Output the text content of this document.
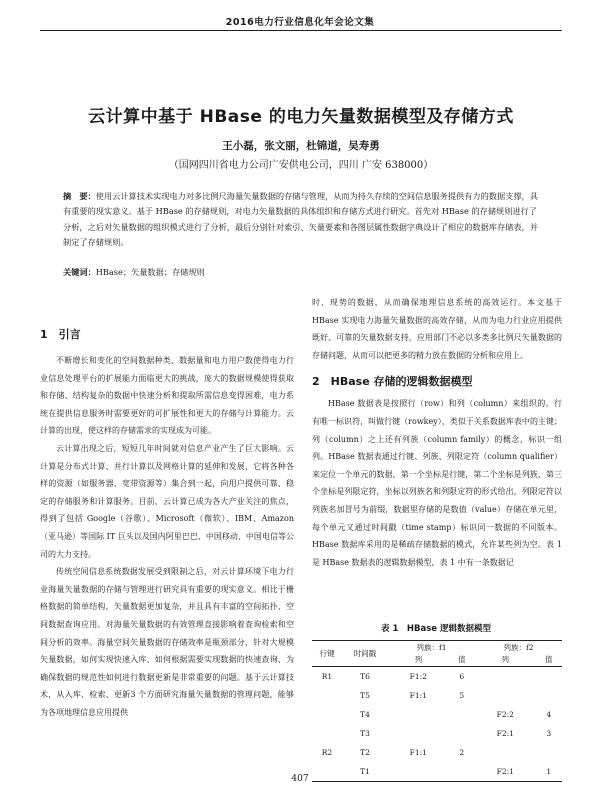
2016电力行业信息化年会论文集
云计算中基于 HBase 的电力矢量数据模型及存储方式
王小磊，张文丽，杜锦道，吴寿勇
（国网四川省电力公司广安供电公司，四川 广安 638000）

摘　要：使用云计算技术实现电力对多比例尺海量矢量数据的存储与管理，从而为持久存续的空间信息服务提供有力的数据支撑，具有重要的现实意义。基于 HBase 的存储规则，对电力矢量数据的具体组织和存储方式进行研究。首先对 HBase 的存储规则进行了分析，之后对矢量数据的组织模式进行了分析，最后分别针对索引、矢量要素和各图层属性数据字典设计了相应的数据库存储表，并制定了存储规则。

关键词：HBase；矢量数据；存储规则

1　引言

不断增长和变化的空间数据种类、数据量和电力用户数使得电力行业信息处理平台的扩展能力面临更大的挑战，庞大的数据规模使得获取和存储、结构复杂的数据中快速分析和提取所需信息变得困难，电力系统在提供信息服务时需要更好的可扩展性和更大的存储与计算能力。云计算的出现，使这样的存储需求的实现成为可能。

云计算出现之后，短短几年时间就对信息产业产生了巨大影响。云计算是分布式计算、并行计算以及网格计算的延伸和发展，它将各种各样的资源（如服务器、宽带资源等）集合到一起，向用户提供可靠、稳定的存储服务和计算服务。目前，云计算已成为各大产业关注的焦点，得到了包括 Google（谷歌）、Microsoft（微软）、IBM、Amazon（亚马逊）等国际 IT 巨头以及国内阿里巴巴、中国移动、中国电信等公司的大力支持。

传统空间信息系统数据发展受到限制之后，对云计算环境下电力行业海量矢量数据的存储与管理进行研究具有重要的现实意义。相比于栅格数据的简单结构，矢量数据更加复杂，并且具有丰富的空间拓扑、空间数据查询应用。对海量矢量数据的有效管理直接影响着查询检索和空间分析的效率。海量空间矢量数据的存储效率是瓶颈部分，针对大规模矢量数据，如何实现快速入库、如何根据需要实现数据的快速查询、为确保数据的规范性如何进行数据更新是非常重要的问题。基于云计算技术，从入库、检索、更新3 个方面研究海量矢量数据的管理问题，能够为各项地理信息应用提供

时、现势的数据，从而确保地理信息系统的高效运行。本文基于 HBase 实现电力海量矢量数据的高效存储，从而为电力行业应用提供既好、可靠的矢量数据支持，应用部门不必以多类多比例尺矢量数据的存储问题，从而可以把更多的精力放在数据的分析和应用上。

2　HBase 存储的逻辑数据模型

HBase 数据表是按照行（row）和列（column）来组织的。行有唯一标识符，叫做行键（rowkey），类似于关系数据库表中的主键；列（column）之上还有列族（column family）的概念，标识一组列。HBase 数据表通过行键、列族、列限定符（column qualifier）来定位一个单元的数据，第一个坐标是行键，第二个坐标是列族，第三个坐标是列限定符，坐标以列族名和列限定符的形式给出，列限定符以列族名加冒号为前缀，数据里存储的是数值（value）存储在单元里，每个单元又通过时间戳（time stamp）标识同一数据的不同版本。HBase 数据库采用的是稀疏存储数据的模式，允许某些列为空。表 1 是 HBase 数据表的逻辑数据模型，表 1 中有一条数据记

表 1　HBase 逻辑数据模型
行键	时间戳	列族：f1		列族：f2	
		列	值	列	值
R1	T6	F1:2	6		
	T5	F1:1	5		
	T4			F2:2	4
	T3			F2:1	3
R2	T2	F1:1	2		
	T1			F2:1	1
407
